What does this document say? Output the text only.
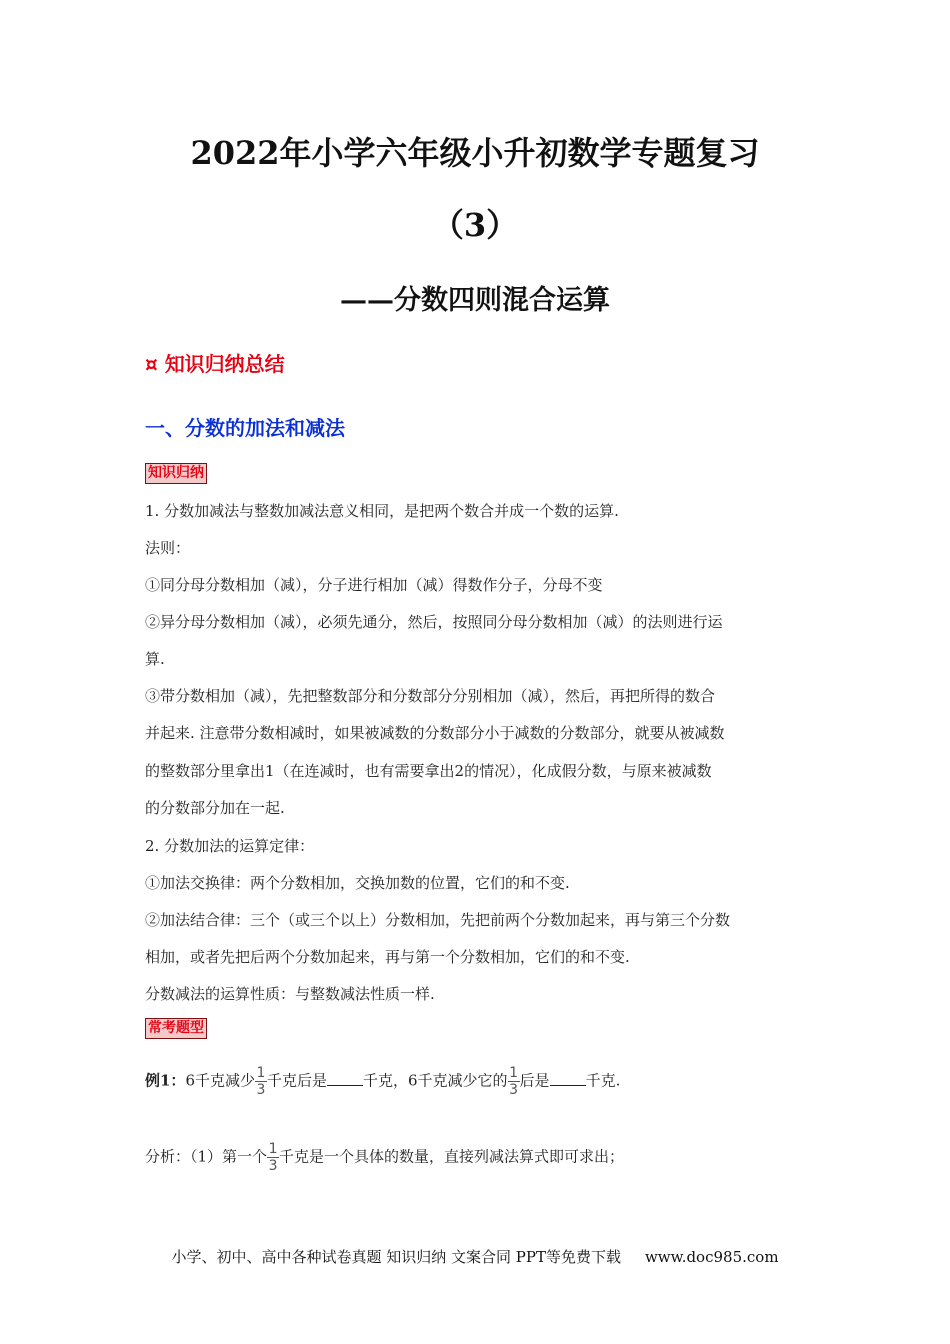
2022年小学六年级小升初数学专题复习
（3）
——分数四则混合运算
¤ 知识归纳总结
一、分数的加法和减法
知识归纳
1. 分数加减法与整数加减法意义相同，是把两个数合并成一个数的运算.
法则：
①同分母分数相加（减），分子进行相加（减）得数作分子，分母不变
②异分母分数相加（减），必须先通分，然后，按照同分母分数相加（减）的法则进行运
算.
③带分数相加（减），先把整数部分和分数部分分别相加（减），然后，再把所得的数合
并起来. 注意带分数相减时，如果被减数的分数部分小于减数的分数部分，就要从被减数
的整数部分里拿出1（在连减时，也有需要拿出2的情况），化成假分数，与原来被减数
的分数部分加在一起.
2. 分数加法的运算定律：
①加法交换律：两个分数相加，交换加数的位置，它们的和不变.
②加法结合律：三个（或三个以上）分数相加，先把前两个分数加起来，再与第三个分数
相加，或者先把后两个分数加起来，再与第一个分数相加，它们的和不变.
分数减法的运算性质：与整数减法性质一样.
常考题型
例1：6千克减少 $\frac{1}{3}$ 千克后是 千克，6千克减少它的 $\frac{1}{3}$ 后是 千克.
分析：（1）第一个 $\frac{1}{3}$ 千克是一个具体的数量，直接列减法算式即可求出；
小学、初中、高中各种试卷真题 知识归纳 文案合同 PPT等免费下载 www.doc985.com
